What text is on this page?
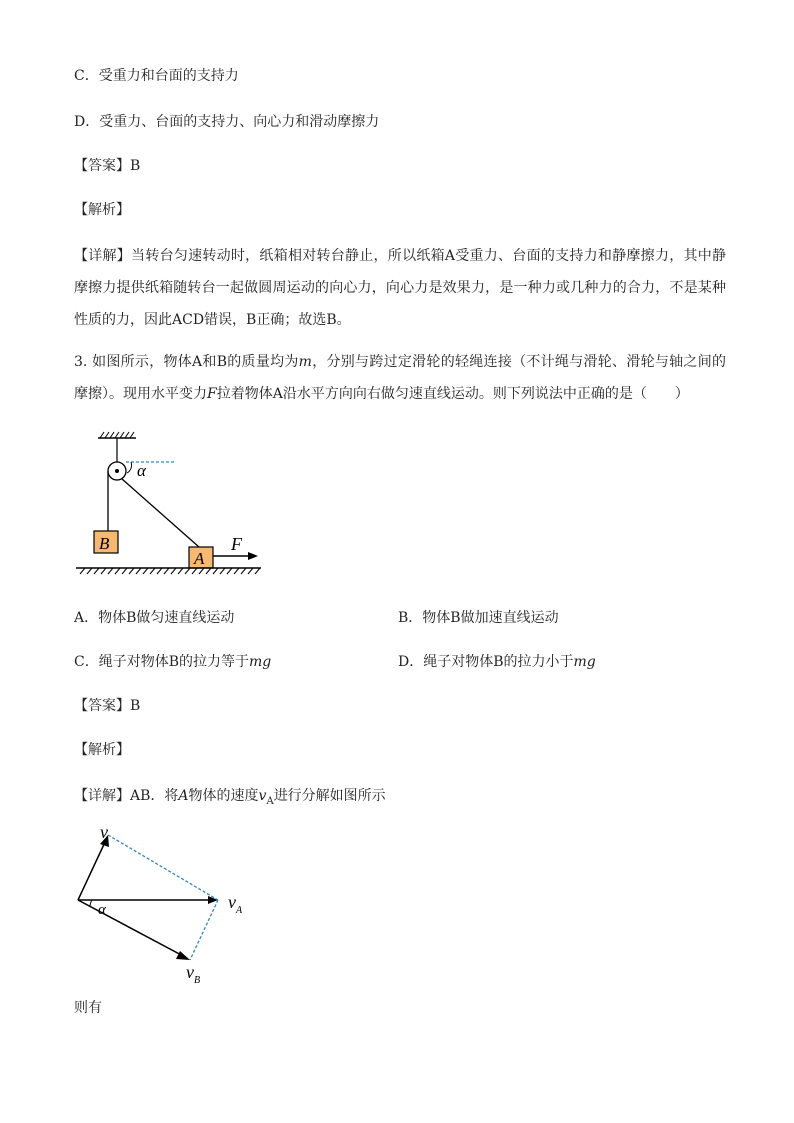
C．受重力和台面的支持力
D．受重力、台面的支持力、向心力和滑动摩擦力
【答案】B
【解析】
【详解】当转台匀速转动时，纸箱相对转台静止，所以纸箱A受重力、台面的支持力和静摩擦力，其中静摩擦力提供纸箱随转台一起做圆周运动的向心力，向心力是效果力，是一种力或几种力的合力，不是某种性质的力，因此ACD错误，B正确；故选B。
3. 如图所示，物体A和B的质量均为m，分别与跨过定滑轮的轻绳连接（不计绳与滑轮、滑轮与轴之间的摩擦）。现用水平变力F拉着物体A沿水平方向向右做匀速直线运动。则下列说法中正确的是（　　）
α
B
A
F
A．物体B做匀速直线运动	B．物体B做加速直线运动
C．绳子对物体B的拉力等于mg	D．绳子对物体B的拉力小于mg
【答案】B
【解析】
【详解】AB．将A物体的速度$v_A$进行分解如图所示
α
v
$v_A$
$v_B$
则有
